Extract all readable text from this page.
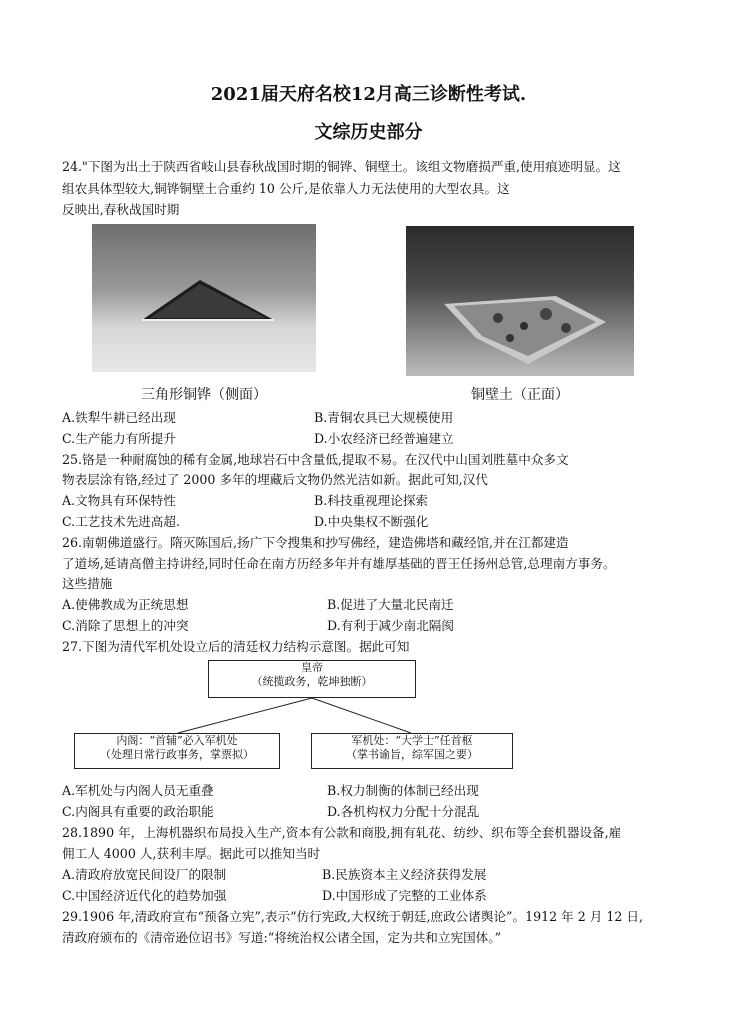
2021届天府名校12月高三诊断性考试.
文综历史部分
24."下图为出土于陕西省岐山县春秋战国时期的铜铧、铜壁土。该组文物磨损严重,使用痕迹明显。这
组农具体型较大,铜铧铜壁土合重约 10 公斤,是依靠人力无法使用的大型农具。这
反映出,春秋战国时期
三角形铜铧（侧面）	铜壁土（正面）
A.铁犁牛耕已经出现	B.青铜农具已大规模使用
C.生产能力有所提升	D.小农经济已经普遍建立
25.铬是一种耐腐蚀的稀有金属,地球岩石中含量低,提取不易。在汉代中山国刘胜墓中众多文
物表层涂有铬,经过了 2000 多年的埋藏后文物仍然光洁如新。据此可知,汉代
A.文物具有环保特性	B.科技重视理论探索
C.工艺技术先进高超.	D.中央集权不断强化
26.南朝佛道盛行。隋灭陈国后,扬广下令搜集和抄写佛经，建造佛塔和藏经馆,并在江都建造
了道场,延请高僧主持讲经,同时任命在南方历经多年并有雄厚基础的晋王任扬州总管,总理南方事务。
这些措施
A.使佛教成为正统思想	B.促进了大量北民南迁
C.消除了思想上的冲突	D.有利于减少南北隔阂
27.下图为清代军机处设立后的清廷权力结构示意图。据此可知
皇帝
（统揽政务，乾坤独断）
内阁：“首辅”必入军机处
（处理日常行政事务，掌票拟）
军机处：“大学士”任首枢
（掌书谕旨，综军国之要）
A.军机处与内阁人员无重叠	B.权力制衡的体制已经出现
C.内阁具有重要的政治职能	D.各机构权力分配十分混乱
28.1890 年，上海机器织布局投入生产,资本有公款和商股,拥有轧花、纺纱、织布等全套机器设备,雇
佣工人 4000 人,获利丰厚。据此可以推知当时
A.清政府放宽民间设厂的限制	B.民族资本主义经济获得发展
C.中国经济近代化的趋势加强	D.中国形成了完整的工业体系
29.1906 年,清政府宣布“预备立宪”,表示“仿行宪政,大权统于朝廷,庶政公诸舆论”。1912 年 2 月 12 日,
清政府颁布的《清帝逊位诏书》写道:“将统治权公诸全国，定为共和立宪国体。”
